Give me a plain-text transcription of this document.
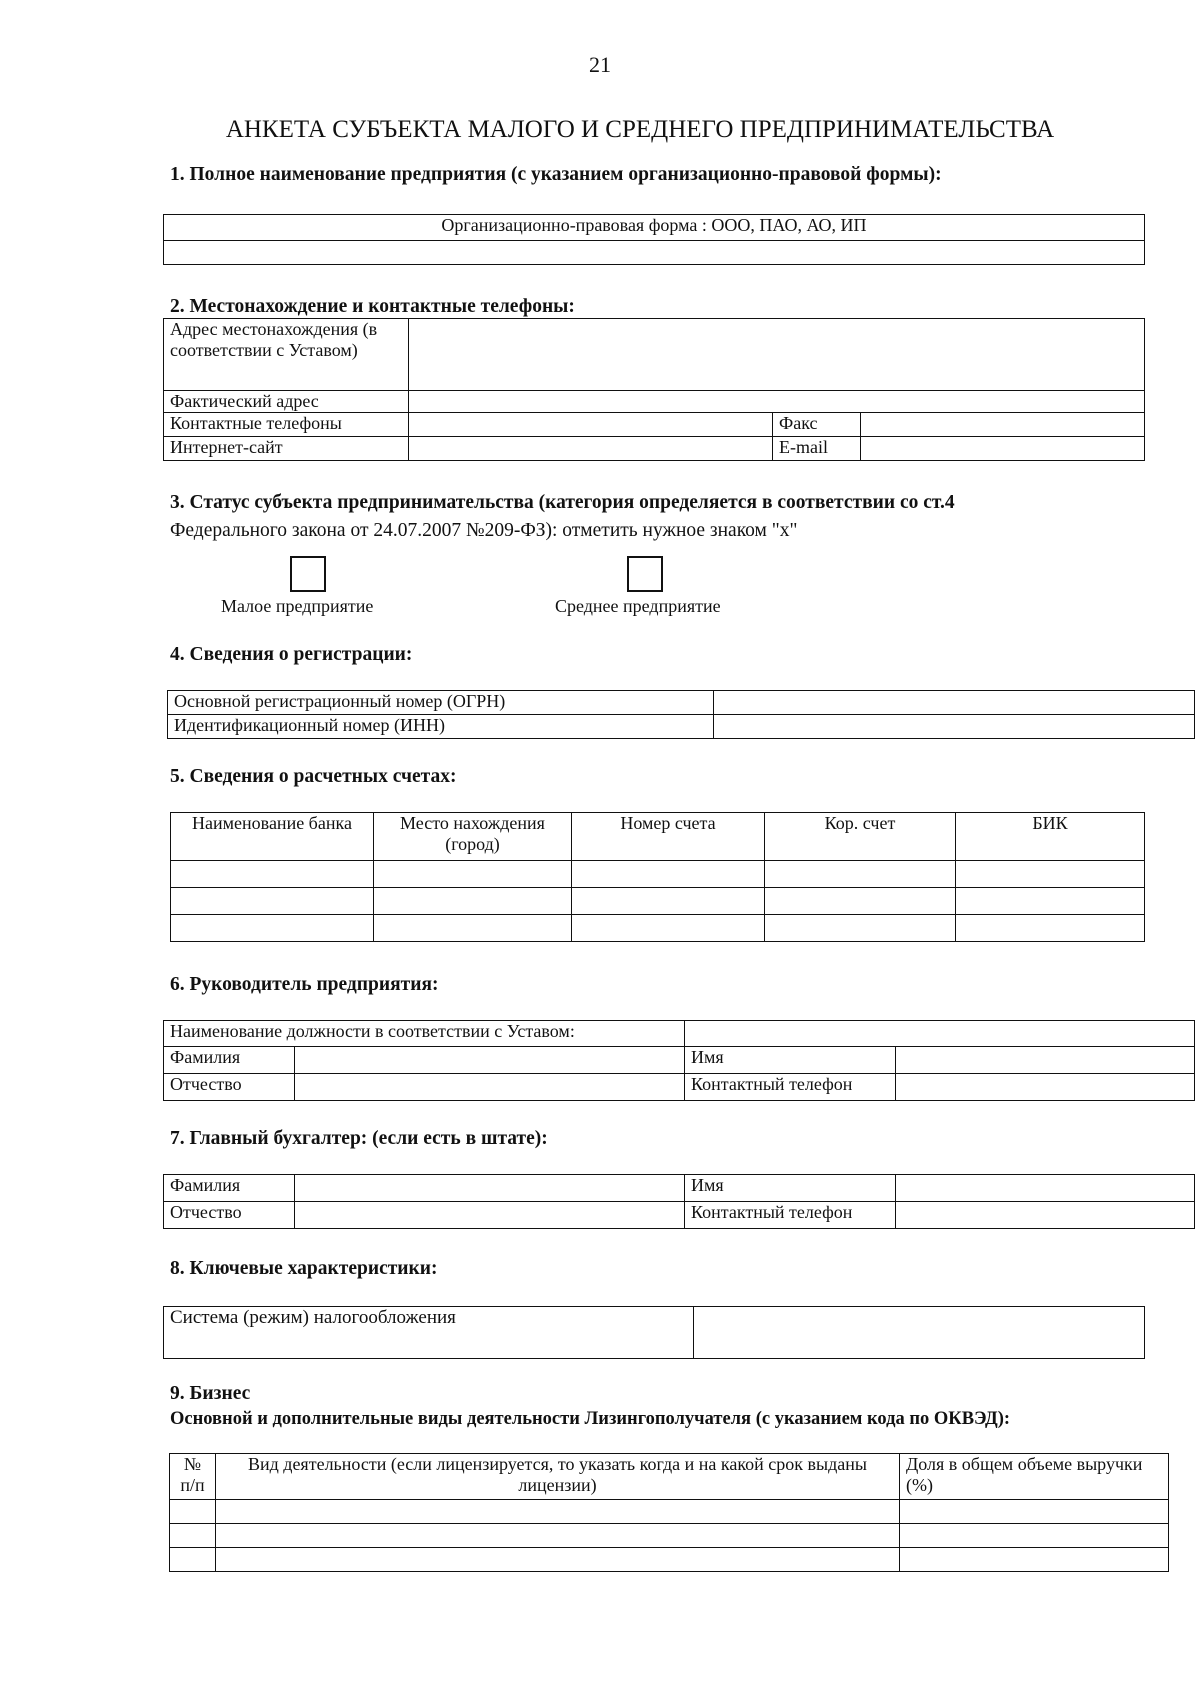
21
АНКЕТА СУБЪЕКТА МАЛОГО И СРЕДНЕГО ПРЕДПРИНИМАТЕЛЬСТВА
1. Полное наименование предприятия (с указанием организационно-правовой формы):
Организационно-правовая форма : ООО, ПАО, АО, ИП

2. Местонахождение и контактные телефоны:
Адрес местонахождения (в соответствии с Уставом)			
Фактический адрес			
Контактные телефоны		Факс	
Интернет-сайт		E-mail	
3. Статус субъекта предпринимательства (категория определяется в соответствии со ст.4
Федерального закона от 24.07.2007 №209-ФЗ): отметить нужное знаком "х"
Малое предприятие	Среднее предприятие
4. Сведения о регистрации:
Основной регистрационный номер (ОГРН)	
Идентификационный номер (ИНН)	
5. Сведения о расчетных счетах:
Наименование банка	Место нахождения (город)	Номер счета	Кор. счет	БИК

6. Руководитель предприятия:
Наименование должности в соответствии с Уставом:			
Фамилия		Имя	
Отчество		Контактный телефон	
7. Главный бухгалтер: (если есть в штате):
Фамилия		Имя	
Отчество		Контактный телефон	
8. Ключевые характеристики:
Система (режим) налогообложения	
9. Бизнес
Основной и дополнительные виды деятельности Лизингополучателя (с указанием кода по ОКВЭД):
№ п/п	Вид деятельности (если лицензируется, то указать когда и на какой срок выданы лицензии)	Доля в общем объеме выручки (%)
